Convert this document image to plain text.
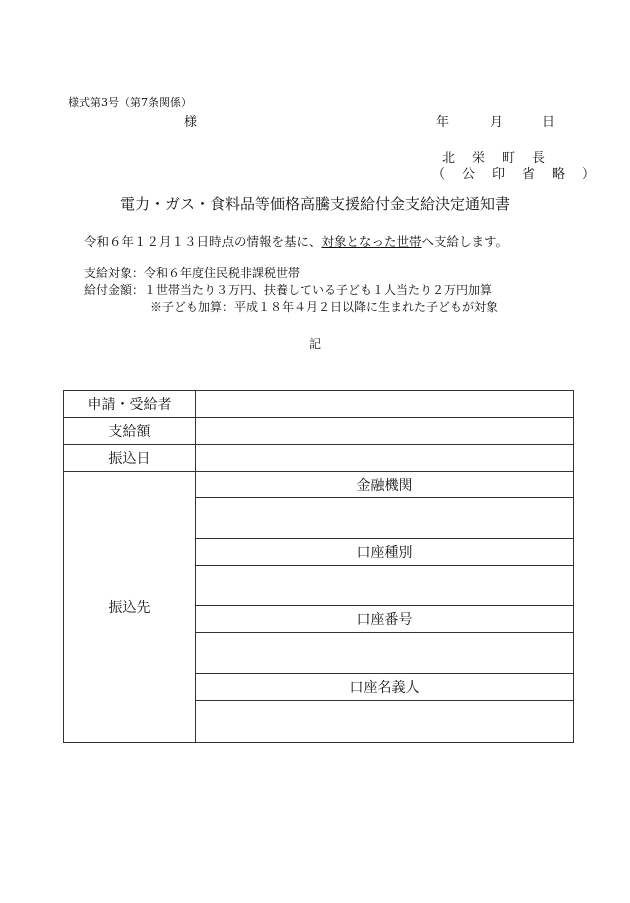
様式第3号（第7条関係）
様	年	月	日
北　栄　町　長
（　公　印　省　略　）
電力・ガス・食料品等価格高騰支援給付金支給決定通知書
令和６年１２月１３日時点の情報を基に、対象となった世帯へ支給します。
支給対象：令和６年度住民税非課税世帯
給付金額：１世帯当たり３万円、扶養している子ども１人当たり２万円加算
※子ども加算：平成１８年４月２日以降に生まれた子どもが対象
記
申請・受給者	
支給額	
振込日	
振込先	金融機関

	口座種別

	口座番号

	口座名義人
